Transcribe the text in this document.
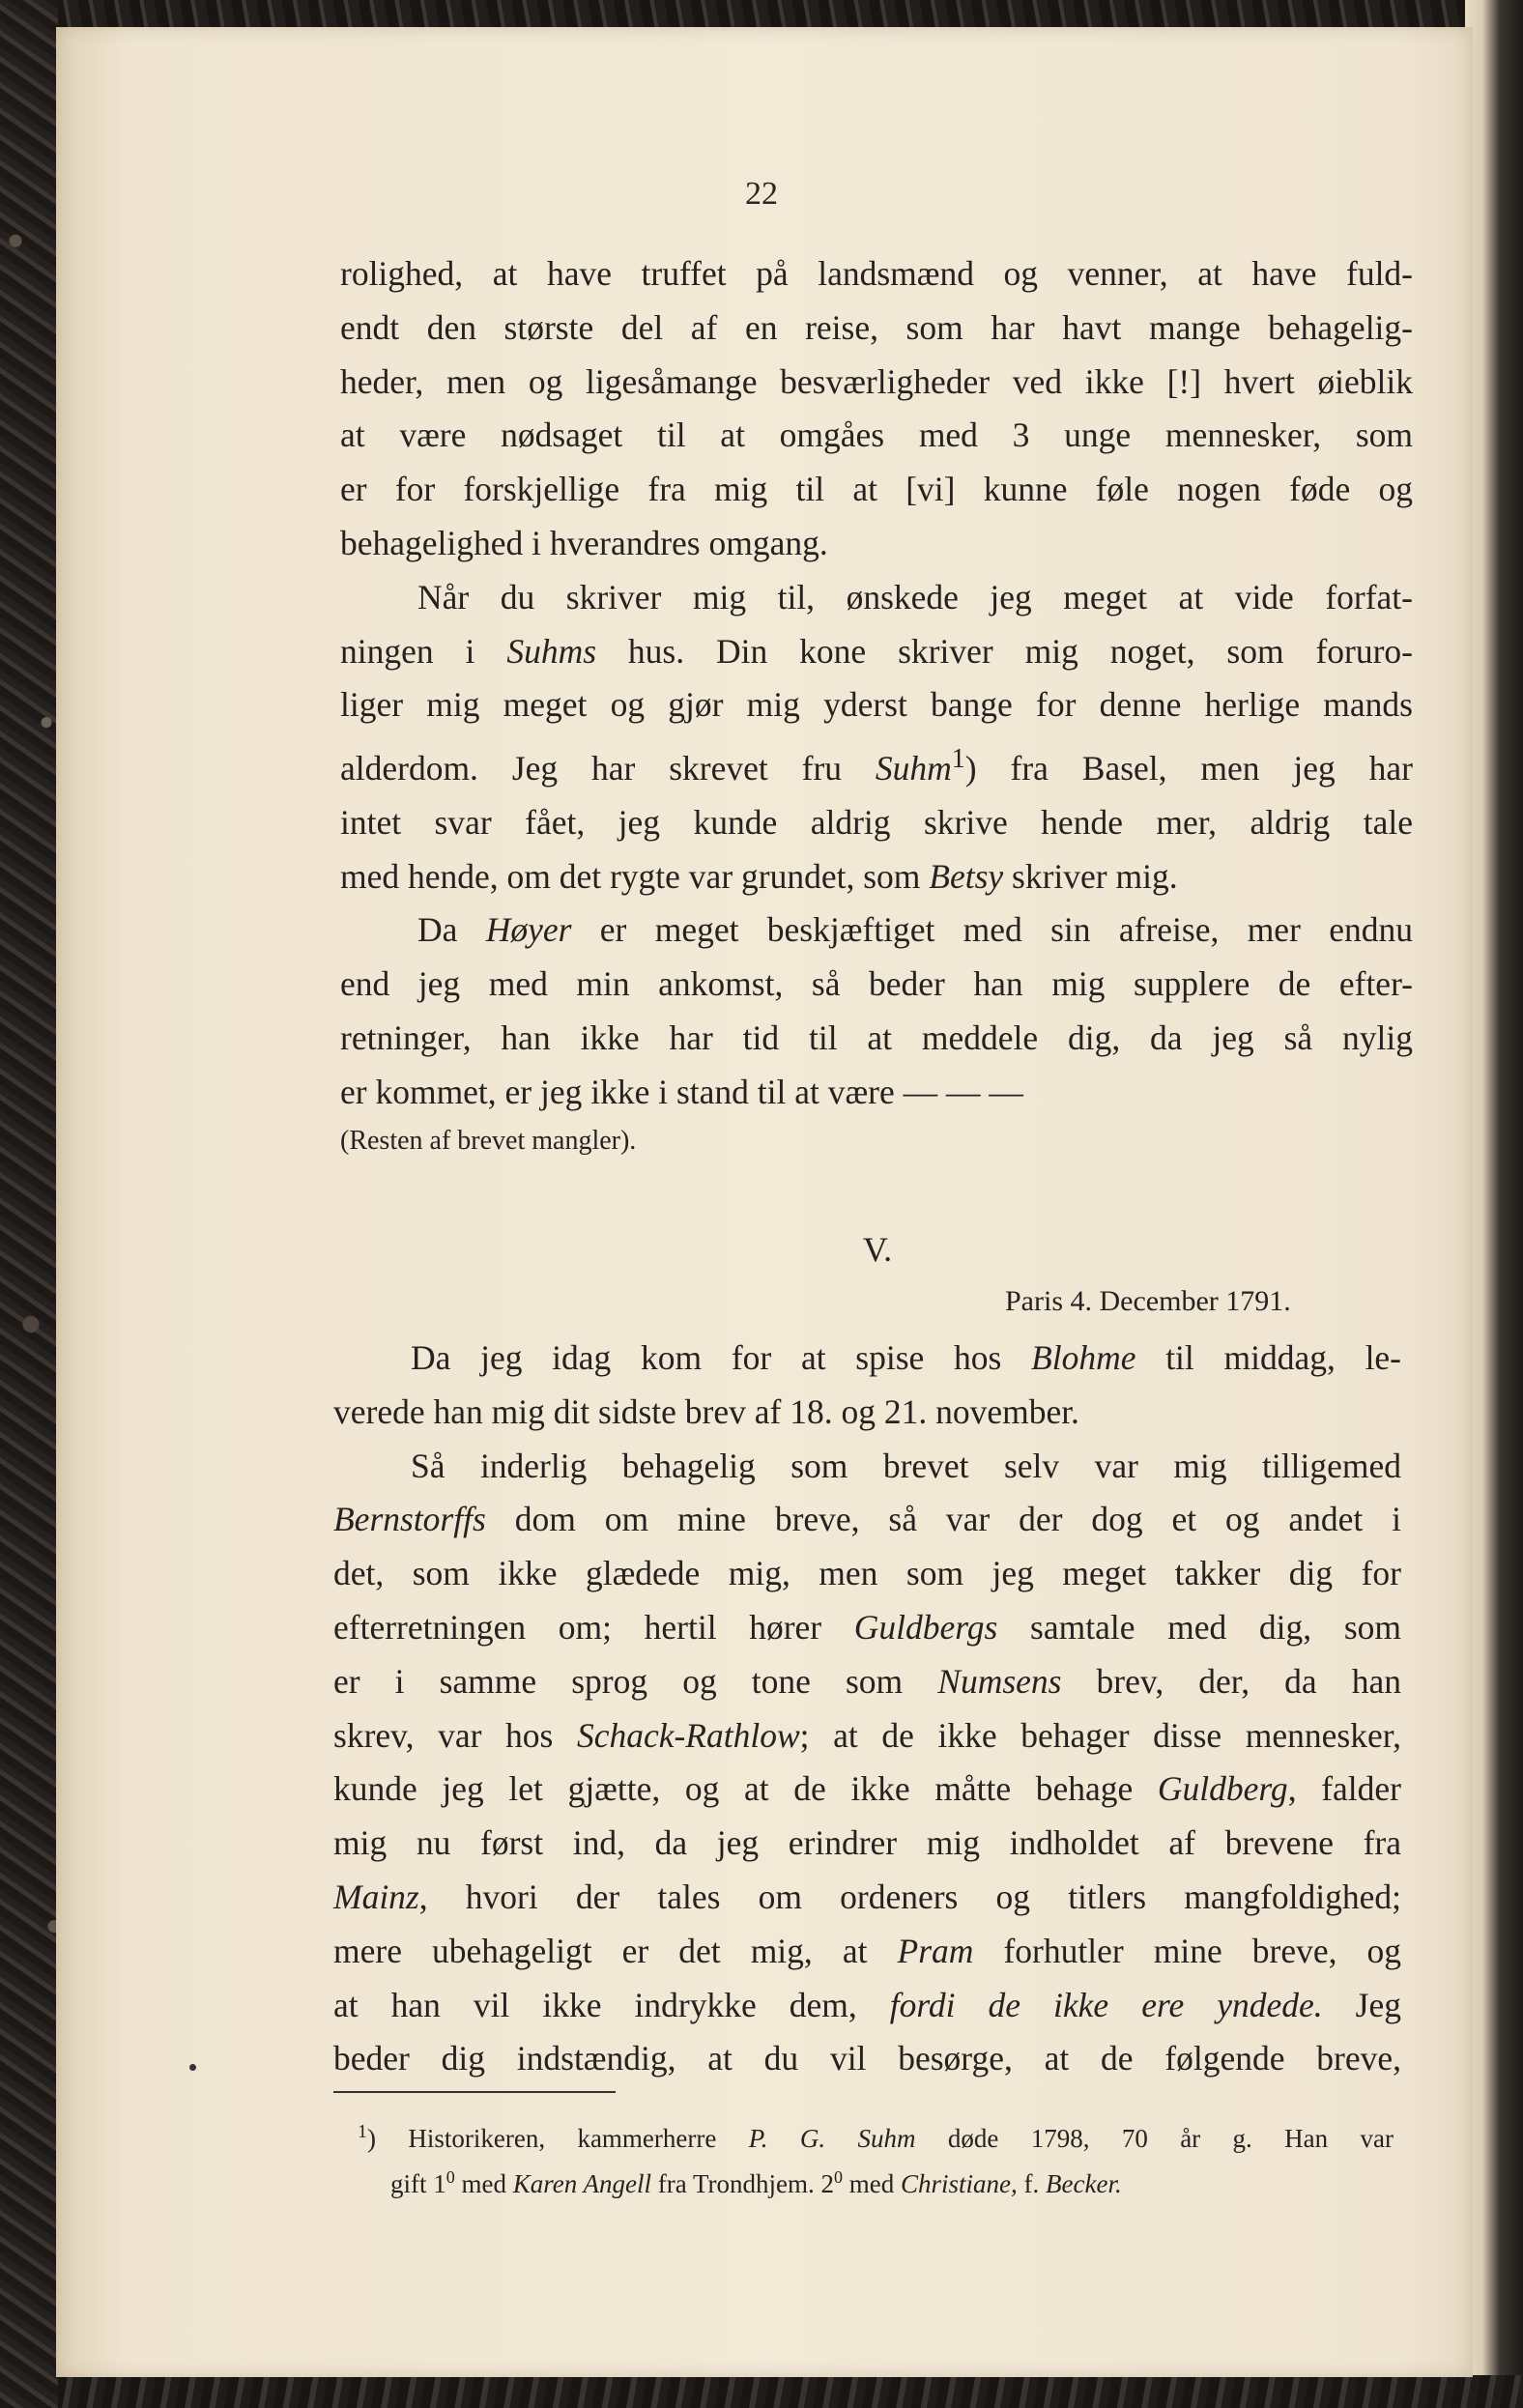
22
rolighed, at have truffet på landsmænd og venner, at have fuld-
endt den største del af en reise, som har havt mange behagelig-
heder, men og ligesåmange besværligheder ved ikke [!] hvert øieblik
at være nødsaget til at omgåes med 3 unge mennesker, som
er for forskjellige fra mig til at [vi] kunne føle nogen føde og
behagelighed i hverandres omgang.
Når du skriver mig til, ønskede jeg meget at vide forfat-
ningen i Suhms hus. Din kone skriver mig noget, som foruro-
liger mig meget og gjør mig yderst bange for denne herlige mands
alderdom. Jeg har skrevet fru Suhm$^1$) fra Basel, men jeg har
intet svar fået, jeg kunde aldrig skrive hende mer, aldrig tale
med hende, om det rygte var grundet, som Betsy skriver mig.
Da Høyer er meget beskjæftiget med sin afreise, mer endnu
end jeg med min ankomst, så beder han mig supplere de efter-
retninger, han ikke har tid til at meddele dig, da jeg så nylig
er kommet, er jeg ikke i stand til at være — — —
(Resten af brevet mangler).
V.
Paris 4. December 1791.
Da jeg idag kom for at spise hos Blohme til middag, le-
verede han mig dit sidste brev af 18. og 21. november.
Så inderlig behagelig som brevet selv var mig tilligemed
Bernstorffs dom om mine breve, så var der dog et og andet i
det, som ikke glædede mig, men som jeg meget takker dig for
efterretningen om; hertil hører Guldbergs samtale med dig, som
er i samme sprog og tone som Numsens brev, der, da han
skrev, var hos Schack-Rathlow; at de ikke behager disse mennesker,
kunde jeg let gjætte, og at de ikke måtte behage Guldberg, falder
mig nu først ind, da jeg erindrer mig indholdet af brevene fra
Mainz, hvori der tales om ordeners og titlers mangfoldighed;
mere ubehageligt er det mig, at Pram forhutler mine breve, og
at han vil ikke indrykke dem, fordi de ikke ere yndede. Jeg
beder dig indstændig, at du vil besørge, at de følgende breve,
$^1$) Historikeren, kammerherre P. G. Suhm døde 1798, 70 år g. Han var
gift $1^0$ med Karen Angell fra Trondhjem. $2^0$ med Christiane, f. Becker.
